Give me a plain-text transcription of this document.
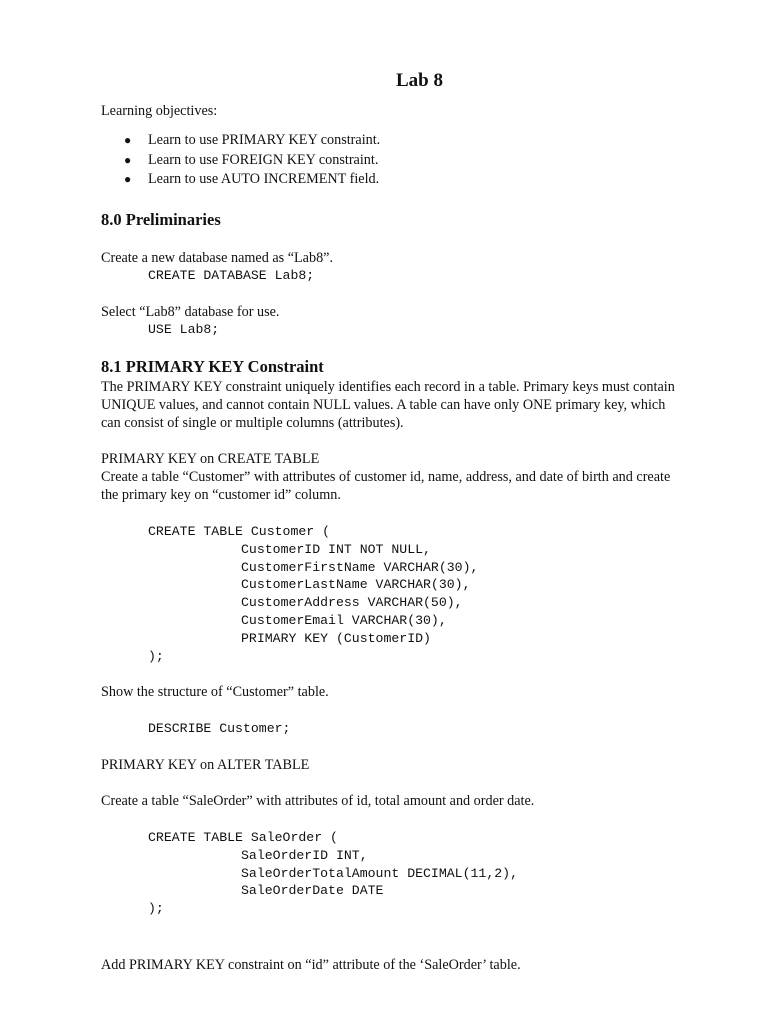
Lab 8

Learning objectives:

● Learn to use PRIMARY KEY constraint.
● Learn to use FOREIGN KEY constraint.
● Learn to use AUTO INCREMENT field.
8.0 Preliminaries

Create a new database named as “Lab8”.

CREATE DATABASE Lab8;

Select “Lab8” database for use.

USE Lab8;
8.1 PRIMARY KEY Constraint
The PRIMARY KEY constraint uniquely identifies each record in a table. Primary keys must contain
UNIQUE values, and cannot contain NULL values. A table can have only ONE primary key, which
can consist of single or multiple columns (attributes).
PRIMARY KEY on CREATE TABLE
Create a table “Customer” with attributes of customer id, name, address, and date of birth and create
the primary key on “customer id” column.
CREATE TABLE Customer (
CustomerID INT NOT NULL,
CustomerFirstName VARCHAR(30),
CustomerLastName VARCHAR(30),
CustomerAddress VARCHAR(50),
CustomerEmail VARCHAR(30),
PRIMARY KEY (CustomerID)
);

Show the structure of “Customer” table.

DESCRIBE Customer;

PRIMARY KEY on ALTER TABLE

Create a table “SaleOrder” with attributes of id, total amount and order date.

CREATE TABLE SaleOrder (
SaleOrderID INT,
SaleOrderTotalAmount DECIMAL(11,2),
SaleOrderDate DATE
);

Add PRIMARY KEY constraint on “id” attribute of the ‘SaleOrder’ table.
